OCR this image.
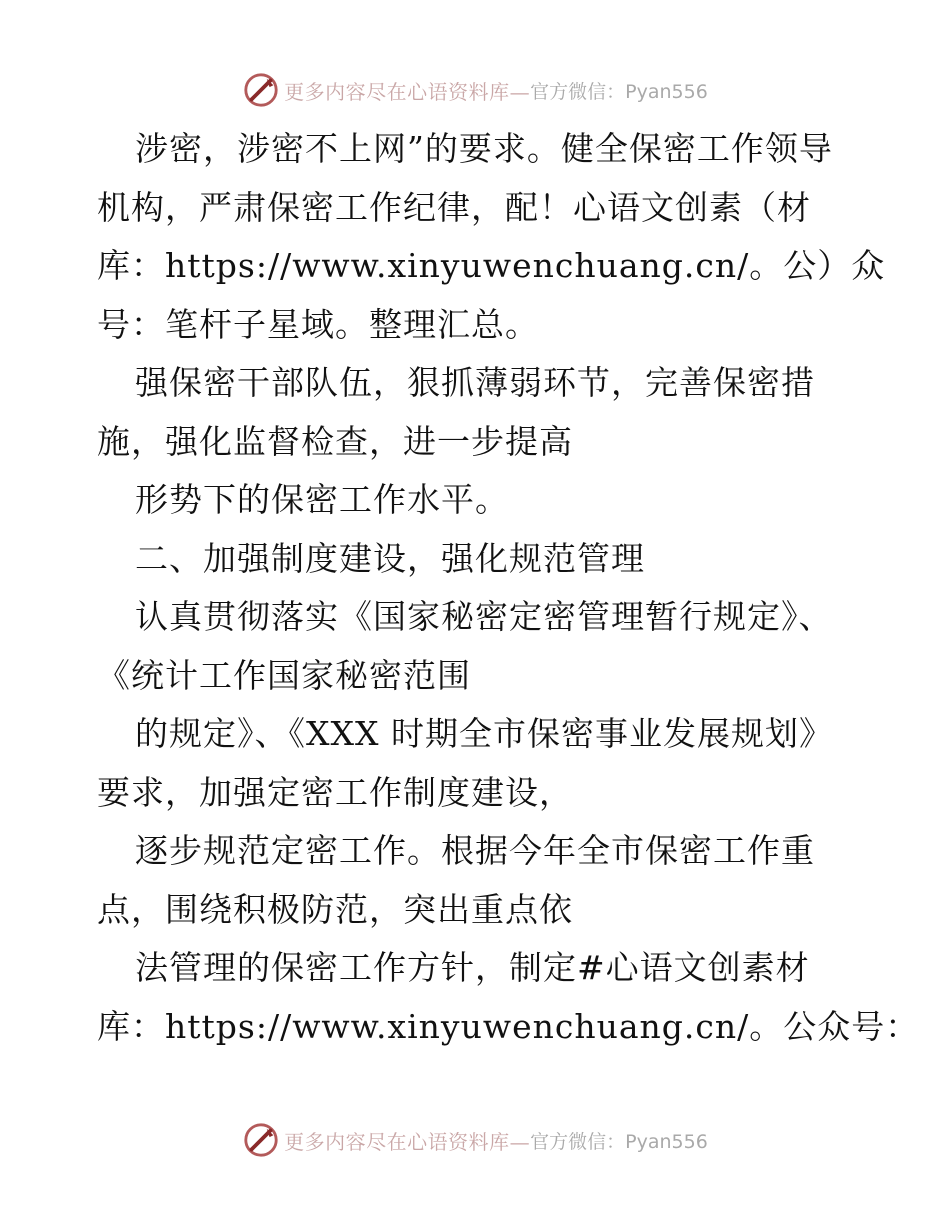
更多内容尽在心语资料库— 官方微信：Pyan556
涉密，涉密不上网”的要求。健全保密工作领导
机构，严肃保密工作纪律，配！心语文创素（材
库：https://www.xinyuwenchuang.cn/。公）众
号：笔杆子星域。整理汇总。
强保密干部队伍，狠抓薄弱环节，完善保密措
施，强化监督检查，进一步提高
形势下的保密工作水平。
二、加强制度建设，强化规范管理
认真贯彻落实《国家秘密定密管理暂行规定》、
《统计工作国家秘密范围
的规定》、《XXX 时期全市保密事业发展规划》
要求，加强定密工作制度建设，
逐步规范定密工作。根据今年全市保密工作重
点，围绕积极防范，突出重点依
法管理的保密工作方针，制定#心语文创素材
库：https://www.xinyuwenchuang.cn/。公众号：
更多内容尽在心语资料库— 官方微信：Pyan556
